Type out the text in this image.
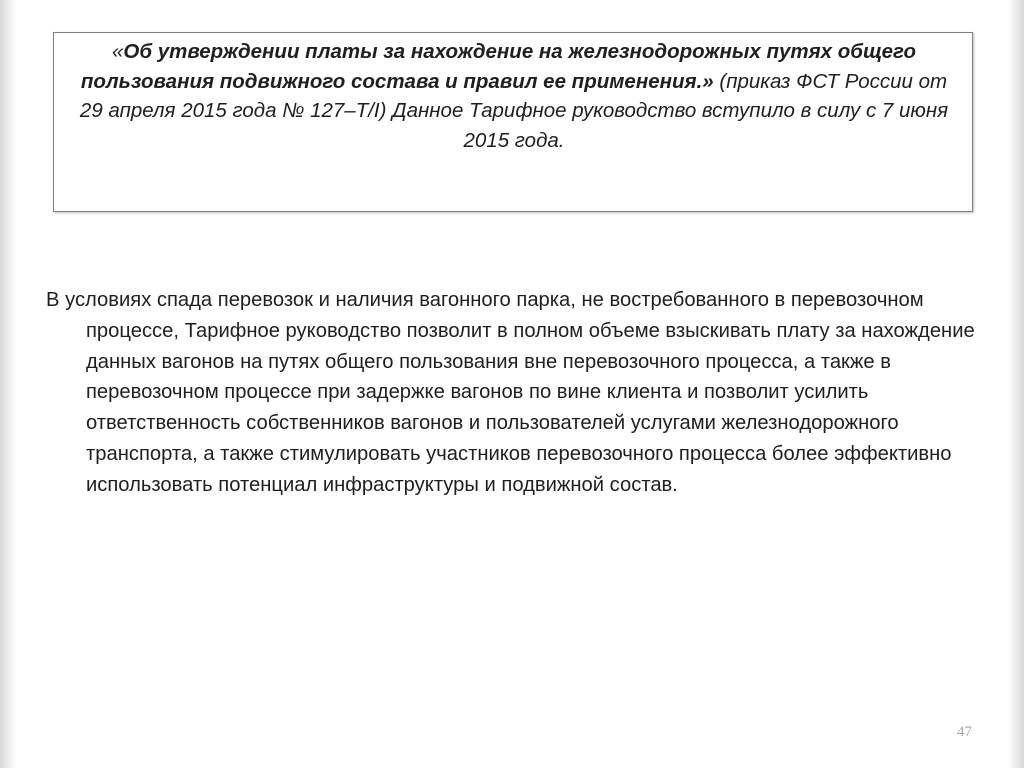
«Об утверждении платы за нахождение на железнодорожных путях общего пользования подвижного состава и правил ее применения.» (приказ ФСТ России от 29 апреля 2015 года № 127–Т/I) Данное Тарифное руководство вступило в силу с 7 июня 2015 года.
В условиях спада перевозок и наличия вагонного парка, не востребованного в перевозочном процессе, Тарифное руководство позволит в полном объеме взыскивать плату за нахождение данных вагонов на путях общего пользования вне перевозочного процесса, а также в перевозочном процессе при задержке вагонов по вине клиента и позволит усилить ответственность собственников вагонов и пользователей услугами железнодорожного транспорта, а также стимулировать участников перевозочного процесса более эффективно использовать потенциал инфраструктуры и подвижной состав.
47
